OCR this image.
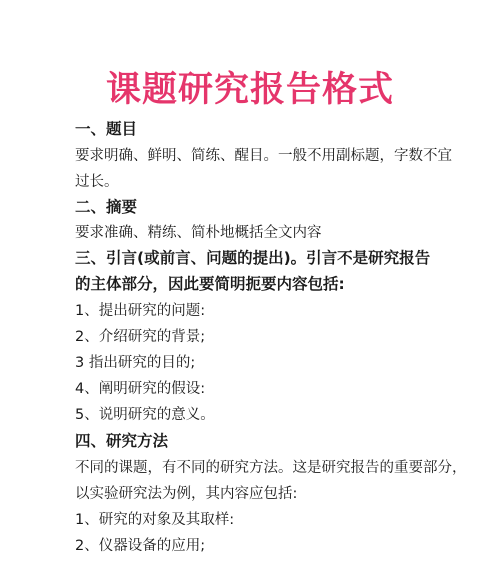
课题研究报告格式
一、题目
要求明确、鲜明、简练、醒目。一般不用副标题，字数不宜
过长。
二、摘要
要求准确、精练、简朴地概括全文内容
三、引言(或前言、问题的提出)。引言不是研究报告
的主体部分，因此要简明扼要内容包括:
1、提出研究的问题:
2、介绍研究的背景;
3 指出研究的目的;
4、阐明研究的假设:
5、说明研究的意义。
四、研究方法
不同的课题，有不同的研究方法。这是研究报告的重要部分，
以实验研究法为例，其内容应包括:
1、研究的对象及其取样:
2、仪器设备的应用;
